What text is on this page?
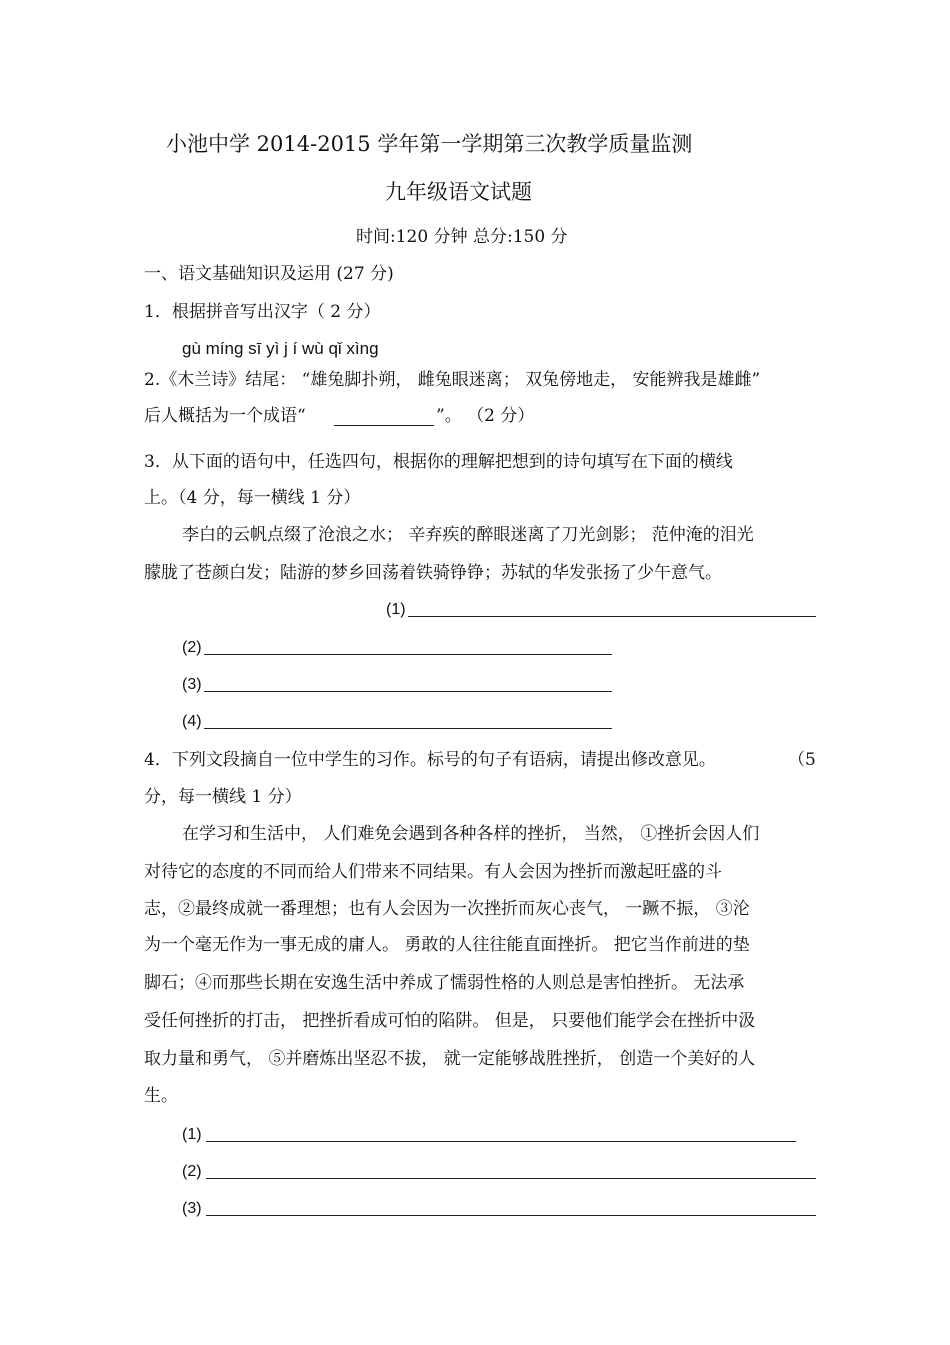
小池中学 2014-2015 学年第一学期第三次教学质量监测
九年级语文试题
时间:120 分钟 总分:150 分
一、语文基础知识及运用 (27 分)
1．根据拼音写出汉字（ 2 分）
gù míng sī yì j í wù qǐ xìng
2.《木兰诗》结尾： “雄兔脚扑朔， 雌兔眼迷离； 双兔傍地走， 安能辨我是雄雌”
后人概括为一个成语“	”。 （2 分）
3．从下面的语句中，任选四句，根据你的理解把想到的诗句填写在下面的横线
上。（4 分，每一横线 1 分）
李白的云帆点缀了沧浪之水； 辛弃疾的醉眼迷离了刀光剑影； 范仲淹的泪光
朦胧了苍颜白发；陆游的梦乡回荡着铁骑铮铮；苏轼的华发张扬了少午意气。
(1)
(2)
(3)
(4)
4．下列文段摘自一位中学生的习作。标号的句子有语病，请提出修改意见。	（5
分，每一横线 1 分）
在学习和生活中， 人们难免会遇到各种各样的挫折， 当然， ①挫折会因人们
对待它的态度的不同而给人们带来不同结果。有人会因为挫折而激起旺盛的斗
志，②最终成就一番理想；也有人会因为一次挫折而灰心丧气， 一蹶不振， ③沦
为一个毫无作为一事无成的庸人。 勇敢的人往往能直面挫折。 把它当作前进的垫
脚石；④而那些长期在安逸生活中养成了懦弱性格的人则总是害怕挫折。 无法承
受任何挫折的打击， 把挫折看成可怕的陷阱。 但是， 只要他们能学会在挫折中汲
取力量和勇气， ⑤并磨炼出坚忍不拔， 就一定能够战胜挫折， 创造一个美好的人
生。
(1)
(2)
(3)
